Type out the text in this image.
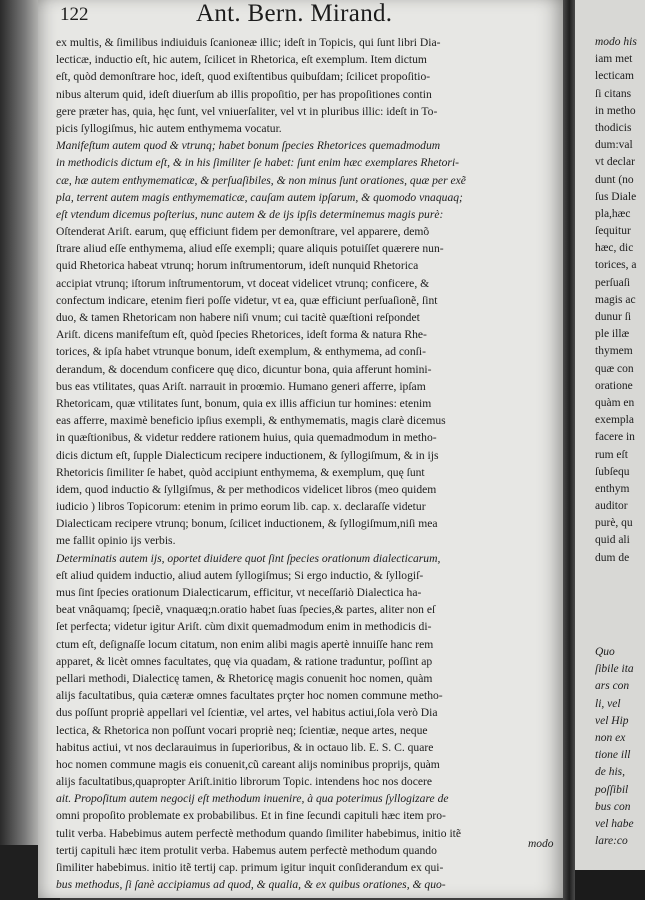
122	Ant. Bern. Mirand.
ex multis, & ſimilibus indiuiduis ſcanioneæ illic; ideſt in Topicis, qui ſunt libri Dia-
lecticæ, inductio eſt, hic autem, ſcilicet in Rhetorica, eſt exemplum. Item dictum
eſt, quòd demonſtrare hoc, ideſt, quod exiſtentibus quibuſdam; ſcilicet propoſitio-
nibus alterum quid, ideſt diuerſum ab illis propoſitio, per has propoſitiones contin
gere præter has, quia, hęc ſunt, vel vniuerſaliter, vel vt in pluribus illic: ideſt in To-
picis ſyllogiſmus, hic autem enthymema vocatur.
Manifeſtum autem quod & vtrunq; habet bonum ſpecies Rhetorices quemadmodum
in methodicis dictum eſt, & in his ſimiliter ſe habet: ſunt enim hæc exemplares Rhetori-
cæ, hæ autem enthymematicæ, & perſuaſibiles, & non minus ſunt orationes, quæ per exẽ
pla, terrent autem magis enthymematicæ, cauſam autem ipſarum, & quomodo vnaquaq;
eſt vtendum dicemus poſterius, nunc autem & de ijs ipſis determinemus magis purè:
Oſtenderat Ariſt. earum, quę efficiunt fidem per demonſtrare, vel apparere, demõ
ſtrare aliud eſſe enthymema, aliud eſſe exempli; quare aliquis potuiſſet quærere nun-
quid Rhetorica habeat vtrunq; horum inſtrumentorum, ideſt nunquid Rhetorica
accipiat vtrunq; iſtorum inſtrumentorum, vt doceat videlicet vtrunq; conficere, &
confectum indicare, etenim fieri poſſe videtur, vt ea, quæ efficiunt perſuaſionẽ, ſint
duo, & tamen Rhetoricam non habere niſi vnum; cui tacitè quæſtioni reſpondet
Ariſt. dicens manifeſtum eſt, quòd ſpecies Rhetorices, ideſt forma & natura Rhe-
torices, & ipſa habet vtrunque bonum, ideſt exemplum, & enthymema, ad conſi-
derandum, & docendum conficere quę dico, dicuntur bona, quia afferunt homini-
bus eas vtilitates, quas Ariſt. narrauit in proœmio. Humano generi afferre, ipſam
Rhetoricam, quæ vtilitates ſunt, bonum, quia ex illis afficiun tur homines: etenim
eas afferre, maximè beneficio ipſius exempli, & enthymematis, magis clarè dicemus
in quæſtionibus, & videtur reddere rationem huius, quia quemadmodum in metho-
dicis dictum eſt, ſupple Dialecticum recipere inductionem, & ſyllogiſmum, & in ijs
Rhetoricis ſimiliter ſe habet, quòd accipiunt enthymema, & exemplum, quę ſunt
idem, quod inductio & ſyllgiſmus, & per methodicos videlicet libros (meo quidem
iudicio ) libros Topicorum: etenim in primo eorum lib. cap. x. declaraſſe videtur
Dialecticam recipere vtrunq; bonum, ſcilicet inductionem, & ſyllogiſmum,niſi mea
me fallit opinio ijs verbis.
Determinatis autem ijs, oportet diuidere quot ſint ſpecies orationum dialecticarum,
eſt aliud quidem inductio, aliud autem ſyllogiſmus; Si ergo inductio, & ſyllogiſ-
mus ſint ſpecies orationum Dialecticarum, efficitur, vt neceſſariò Dialectica ha-
beat vnâquamq; ſpeciẽ, vnaquæq;n.oratio habet ſuas ſpecies,& partes, aliter non eſ
ſet perfecta; videtur igitur Ariſt. cùm dixit quemadmodum enim in methodicis di-
ctum eſt, deſignaſſe locum citatum, non enim alibi magis apertè innuiſſe hanc rem
apparet, & licèt omnes facultates, quę via quadam, & ratione traduntur, poſſint ap
pellari methodi, Dialecticę tamen, & Rhetoricę magis conuenit hoc nomen, quàm
alijs facultatibus, quia cæteræ omnes facultates prçter hoc nomen commune metho-
dus poſſunt propriè appellari vel ſcientiæ, vel artes, vel habitus actiui,ſola verò Dia
lectica, & Rhetorica non poſſunt vocari propriè neq; ſcientiæ, neque artes, neque
habitus actiui, vt nos declarauimus in ſuperioribus, & in octauo lib. E. S. C. quare
hoc nomen commune magis eis conuenit,cũ careant alijs nominibus proprijs, quàm
alijs facultatibus,quapropter Ariſt.initio librorum Topic. intendens hoc nos docere
ait. Propoſitum autem negocij eſt methodum inuenire, à qua poterimus ſyllogizare de
omni propoſito problemate ex probabilibus. Et in fine ſecundi capituli hæc item pro-
tulit verba. Habebimus autem perfectè methodum quando ſimiliter habebimus, initio itẽ
tertij capituli hæc item protulit verba. Habemus autem perfectè methodum quando
ſimiliter habebimus. initio itẽ tertij cap. primum igitur inquit conſiderandum ex qui-
bus methodus, ſi ſanè accipiamus ad quod, & qualia, & ex quibus orationes, & quo-
modo
modo his
iam met
lecticam
ſi citans
in metho
thodicis
dum:val
vt declar
dunt (no
ſus Diale
pla,hæc
ſequitur
hæc, dic
torices, a
perſuaſi
magis ac
dunur ſi
ple illæ
thymem
quæ con
oratione
quàm en
exempla
facere in
rum eſt
ſubſequ
enthym
auditor
purè, qu
quid ali
dum de
Quo
ſibile ita
ars con
li, vel
vel Hip
non ex
tione ill
de his,
poſſibil
bus con
vel habe
lare:co
